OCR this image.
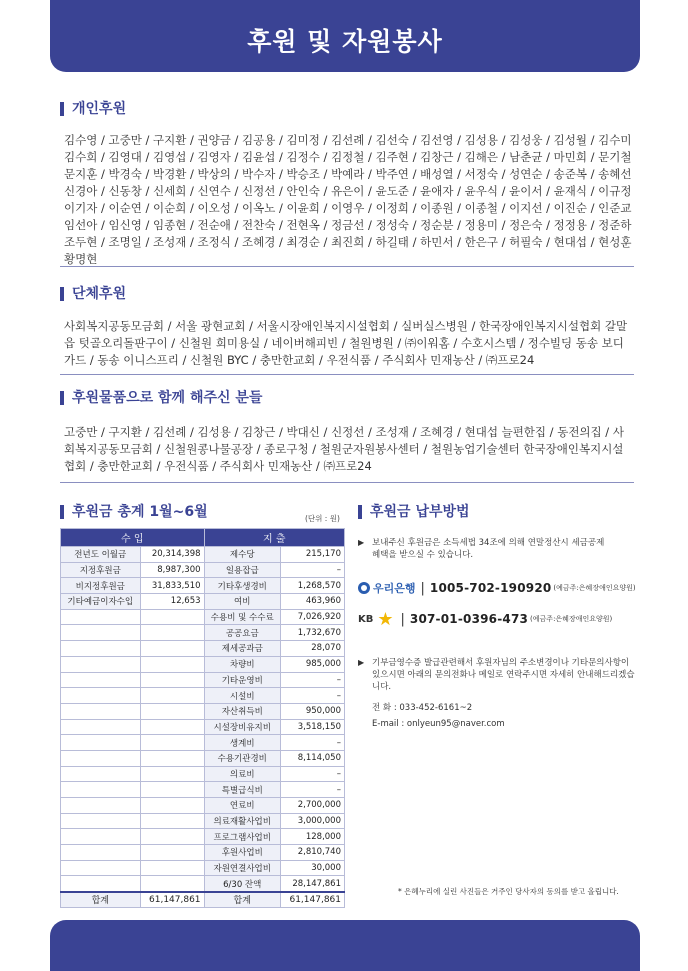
후원 및 자원봉사
개인후원
김수영 / 고중만 / 구지환 / 권양금 / 김공용 / 김미정 / 김선례 / 김선숙 / 김선영 / 김성용 / 김성웅 / 김성월 / 김수미 김수희 / 김영대 / 김영섭 / 김영자 / 김윤섭 / 김정수 / 김정철 / 김주현 / 김창근 / 김해은 / 남춘균 / 마민희 / 문기철 문지훈 / 박경숙 / 박경환 / 박상의 / 박수자 / 박승조 / 박예라 / 박주연 / 배성열 / 서정숙 / 성연순 / 송준복 / 송혜선 신경아 / 신동창 / 신세희 / 신연수 / 신정선 / 안인숙 / 유은이 / 윤도준 / 윤애자 / 윤우식 / 윤이서 / 윤재식 / 이규정 이기자 / 이순연 / 이순희 / 이오성 / 이옥노 / 이윤희 / 이영우 / 이정희 / 이종원 / 이종철 / 이지선 / 이진순 / 인준교 임선아 / 임신영 / 임종현 / 전순애 / 전찬숙 / 전현옥 / 정금선 / 정성숙 / 정순분 / 정용미 / 정은숙 / 정정용 / 정준하 조두현 / 조명일 / 조성재 / 조정식 / 조혜경 / 최경순 / 최진희 / 하길태 / 하민서 / 한은구 / 허필숙 / 현대섭 / 현성훈 황명현
단체후원
사회복지공동모금회 / 서울 광현교회 / 서울시장애인복지시설협회 / 실버실스병원 / 한국장애인복지시설협회 갈말읍 텃골오리돌판구이 / 신철원 희미용실 / 네이버해피빈 / 철원병원 / ㈜이워홈 / 수호시스템 / 정수빌딩 동송 보디가드 / 동송 이니스프리 / 신철원 BYC / 충만한교회 / 우전식품 / 주식회사 민재농산 / ㈜프로24
후원물품으로 함께 해주신 분들
고중만 / 구지환 / 김선례 / 김성용 / 김창근 / 박대신 / 신정선 / 조성재 / 조혜경 / 현대섭 늘편한집 / 동전의집 / 사회복지공동모금회 / 신철원콩나물공장 / 종로구청 / 철원군자원봉사센터 / 철원농업기술센터 한국장애인복지시설협회 / 충만한교회 / 우전식품 / 주식회사 민재농산 / ㈜프로24
후원금 총계 1월~6월	(단위 : 원)
수 입		지 출	
전년도 이월금	20,314,398	제수당	215,170
지정후원금	8,987,300	일용잡급	–
비지정후원금	31,833,510	기타후생경비	1,268,570
기타예금이자수입	12,653	여비	463,960
		수용비 및 수수료	7,026,920
		공공요금	1,732,670
		제세공과금	28,070
		차량비	985,000
		기타운영비	–
		시설비	–
		자산취득비	950,000
		시설장비유지비	3,518,150
		생계비	–
		수용기관경비	8,114,050
		의료비	–
		특별급식비	–
		연료비	2,700,000
		의료재활사업비	3,000,000
		프로그램사업비	128,000
		후원사업비	2,810,740
		자원연결사업비	30,000
		6/30 잔액	28,147,861
합계	61,147,861	합계	61,147,861
후원금 납부방법
▶ 보내주신 후원금은 소득세법 34조에 의해 연말정산시 세금공제
혜택을 받으실 수 있습니다.
우리은행 | 1005-702-190920 (예금주:은혜장애인요양원)
KB ★ | 307-01-0396-473 (예금주:은혜장애인요양원)
▶ 기부금영수증 발급관련해서 후원자님의 주소변경이나 기타문의사항이
있으시면 아래의 문의전화나 메일로 연락주시면 자세히 안내해드리겠습
니다.
전 화 : 033-452-6161~2
E-mail : onlyeun95@naver.com
* 은혜누리에 실린 사진들은 거주인 당사자의 동의를 받고 올립니다.
